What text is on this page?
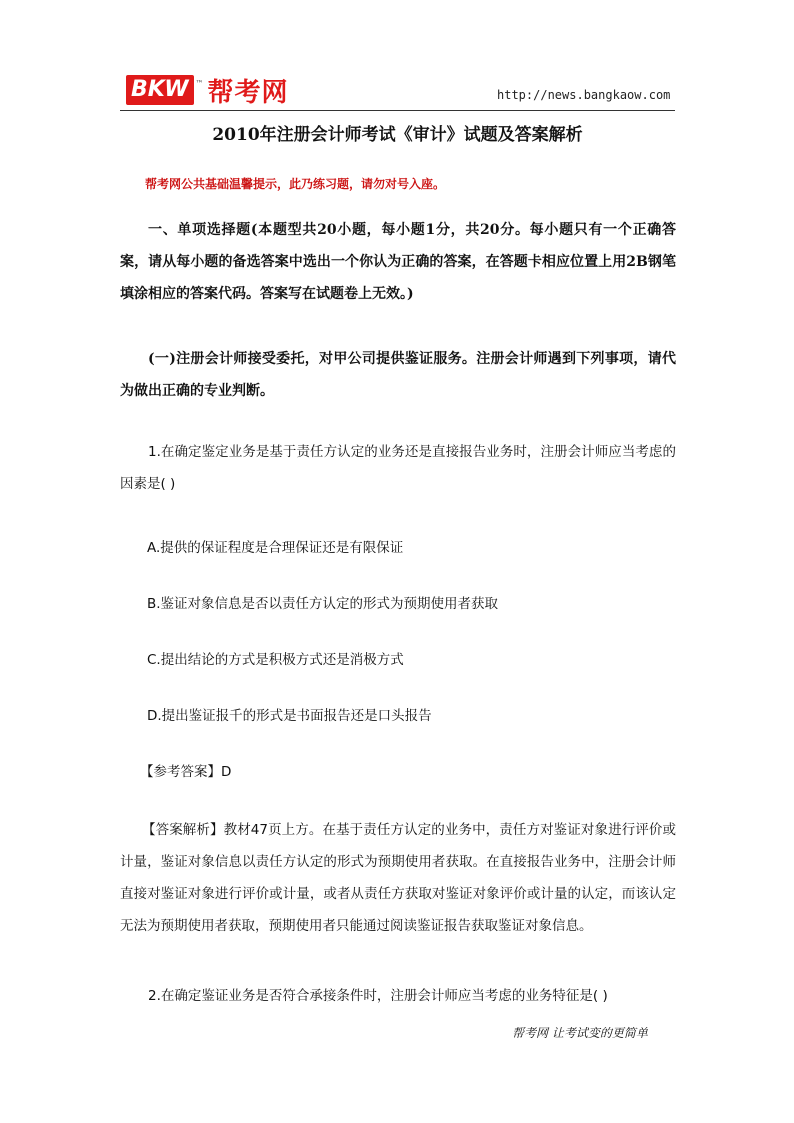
BKW ™ 帮考网	http://news.bangkaow.com
2010年注册会计师考试《审计》试题及答案解析
帮考网公共基础温馨提示，此乃练习题，请勿对号入座。

一、单项选择题(本题型共20小题，每小题1分，共20分。每小题只有一个正确答案，请从每小题的备选答案中选出一个你认为正确的答案，在答题卡相应位置上用2B钢笔填涂相应的答案代码。答案写在试题卷上无效。)

(一)注册会计师接受委托，对甲公司提供鉴证服务。注册会计师遇到下列事项，请代为做出正确的专业判断。

1.在确定鉴定业务是基于责任方认定的业务还是直接报告业务时，注册会计师应当考虑的因素是( )

A.提供的保证程度是合理保证还是有限保证

B.鉴证对象信息是否以责任方认定的形式为预期使用者获取

C.提出结论的方式是积极方式还是消极方式

D.提出鉴证报千的形式是书面报告还是口头报告

【参考答案】D

【答案解析】教材47页上方。在基于责任方认定的业务中，责任方对鉴证对象进行评价或计量，鉴证对象信息以责任方认定的形式为预期使用者获取。在直接报告业务中，注册会计师直接对鉴证对象进行评价或计量，或者从责任方获取对鉴证对象评价或计量的认定，而该认定无法为预期使用者获取，预期使用者只能通过阅读鉴证报告获取鉴证对象信息。

2.在确定鉴证业务是否符合承接条件时，注册会计师应当考虑的业务特征是( )

帮考网 让考试变的更简单
